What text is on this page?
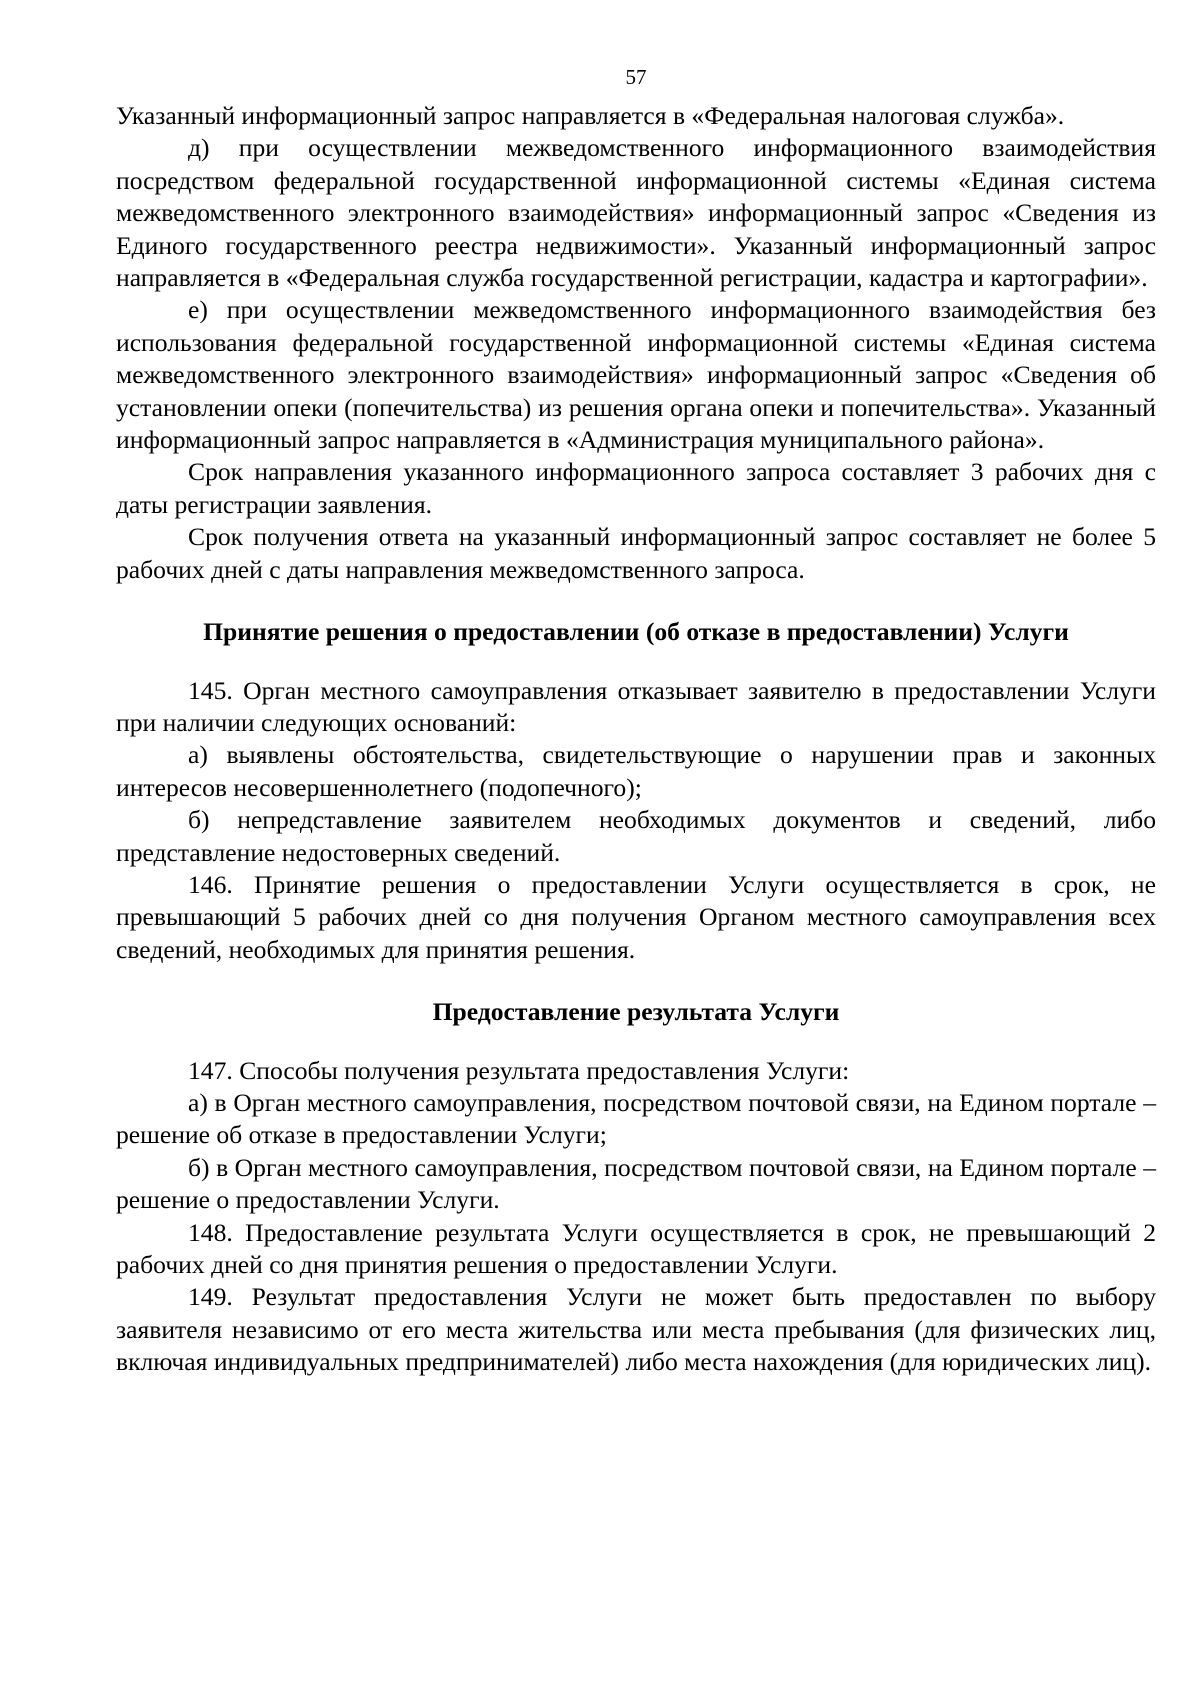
57

Указанный информационный запрос направляется в «Федеральная налоговая служба».

д) при осуществлении межведомственного информационного взаимодействия посредством федеральной государственной информационной системы «Единая система межведомственного электронного взаимодействия» информационный запрос «Сведения из Единого государственного реестра недвижимости». Указанный информационный запрос направляется в «Федеральная служба государственной регистрации, кадастра и картографии».

е) при осуществлении межведомственного информационного взаимодействия без использования федеральной государственной информационной системы «Единая система межведомственного электронного взаимодействия» информационный запрос «Сведения об установлении опеки (попечительства) из решения органа опеки и попечительства». Указанный информационный запрос направляется в «Администрация муниципального района».

Срок направления указанного информационного запроса составляет 3 рабочих дня с даты регистрации заявления.

Срок получения ответа на указанный информационный запрос составляет не более 5 рабочих дней с даты направления межведомственного запроса.

Принятие решения о предоставлении (об отказе в предоставлении) Услуги

145. Орган местного самоуправления отказывает заявителю в предоставлении Услуги при наличии следующих оснований:

а) выявлены обстоятельства, свидетельствующие о нарушении прав и законных интересов несовершеннолетнего (подопечного);

б) непредставление заявителем необходимых документов и сведений, либо представление недостоверных сведений.

146. Принятие решения о предоставлении Услуги осуществляется в срок, не превышающий 5 рабочих дней со дня получения Органом местного самоуправления всех сведений, необходимых для принятия решения.

Предоставление результата Услуги

147. Способы получения результата предоставления Услуги:

а) в Орган местного самоуправления, посредством почтовой связи, на Едином портале – решение об отказе в предоставлении Услуги;

б) в Орган местного самоуправления, посредством почтовой связи, на Едином портале – решение о предоставлении Услуги.

148. Предоставление результата Услуги осуществляется в срок, не превышающий 2 рабочих дней со дня принятия решения о предоставлении Услуги.

149. Результат предоставления Услуги не может быть предоставлен по выбору заявителя независимо от его места жительства или места пребывания (для физических лиц, включая индивидуальных предпринимателей) либо места нахождения (для юридических лиц).
